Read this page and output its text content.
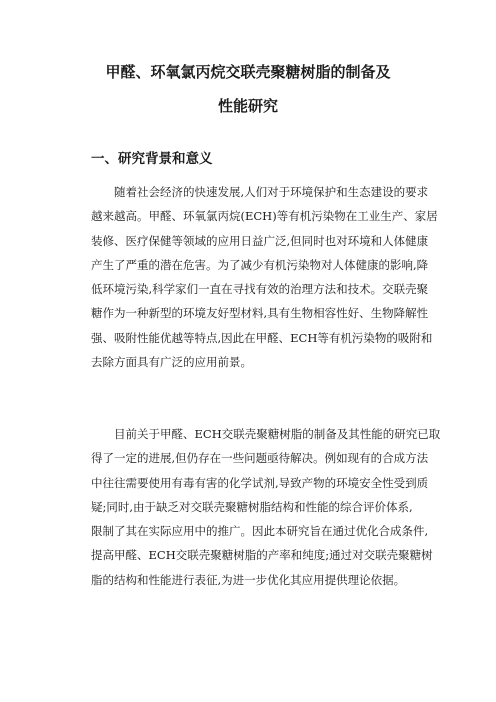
甲醛、环氧氯丙烷交联壳聚糖树脂的制备及
性能研究
一、研究背景和意义
随着社会经济的快速发展,人们对于环境保护和生态建设的要求
越来越高。甲醛、环氧氯丙烷(ECH)等有机污染物在工业生产、家居
装修、医疗保健等领域的应用日益广泛,但同时也对环境和人体健康
产生了严重的潜在危害。为了减少有机污染物对人体健康的影响,降
低环境污染,科学家们一直在寻找有效的治理方法和技术。交联壳聚
糖作为一种新型的环境友好型材料,具有生物相容性好、生物降解性
强、吸附性能优越等特点,因此在甲醛、ECH等有机污染物的吸附和
去除方面具有广泛的应用前景。
目前关于甲醛、ECH交联壳聚糖树脂的制备及其性能的研究已取
得了一定的进展,但仍存在一些问题亟待解决。例如现有的合成方法
中往往需要使用有毒有害的化学试剂,导致产物的环境安全性受到质
疑;同时,由于缺乏对交联壳聚糖树脂结构和性能的综合评价体系,
限制了其在实际应用中的推广。因此本研究旨在通过优化合成条件,
提高甲醛、ECH交联壳聚糖树脂的产率和纯度;通过对交联壳聚糖树
脂的结构和性能进行表征,为进一步优化其应用提供理论依据。
